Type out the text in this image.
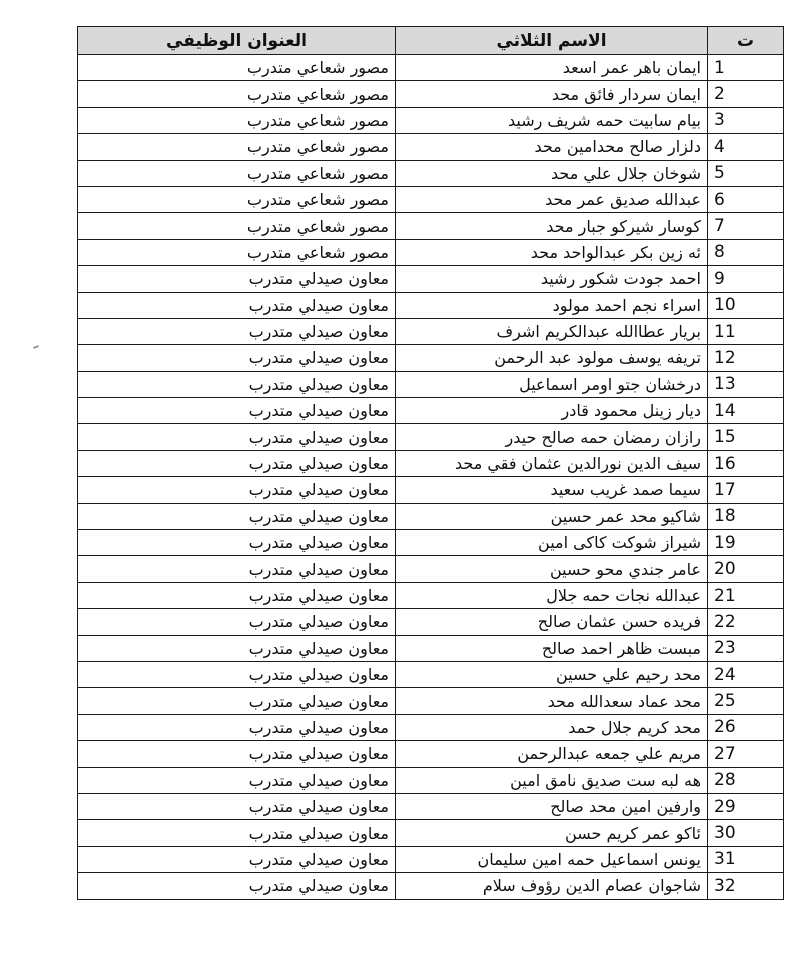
ت	الاسم الثلاثي	العنوان الوظيفي
1	ايمان باهر عمر اسعد	مصور شعاعي متدرب
2	ايمان سردار فائق محد	مصور شعاعي متدرب
3	بيام سابيت حمه شريف رشيد	مصور شعاعي متدرب
4	دلزار صالح محدامين محد	مصور شعاعي متدرب
5	شوخان جلال علي محد	مصور شعاعي متدرب
6	عبدالله صديق عمر محد	مصور شعاعي متدرب
7	كوسار شيركو جبار محد	مصور شعاعي متدرب
8	ئه زين بكر عبدالواحد محد	مصور شعاعي متدرب
9	احمد جودت شكور رشيد	معاون صيدلي متدرب
10	اسراء نجم احمد مولود	معاون صيدلي متدرب
11	بريار عطاالله عبدالكريم اشرف	معاون صيدلي متدرب
12	تريفه يوسف مولود عبد الرحمن	معاون صيدلي متدرب
13	درخشان جتو اومر اسماعيل	معاون صيدلي متدرب
14	ديار زينل محمود قادر	معاون صيدلي متدرب
15	رازان رمضان حمه صالح حيدر	معاون صيدلي متدرب
16	سيف الدين نورالدين عثمان فقي محد	معاون صيدلي متدرب
17	سيما صمد غريب سعيد	معاون صيدلي متدرب
18	شاكيو محد عمر حسين	معاون صيدلي متدرب
19	شيراز شوكت كاكى امين	معاون صيدلي متدرب
20	عامر جندي محو حسين	معاون صيدلي متدرب
21	عبدالله نجات حمه جلال	معاون صيدلي متدرب
22	فريده حسن عثمان صالح	معاون صيدلي متدرب
23	مبست ظاهر احمد صالح	معاون صيدلي متدرب
24	محد رحيم علي حسين	معاون صيدلي متدرب
25	محد عماد سعدالله محد	معاون صيدلي متدرب
26	محد كريم جلال حمد	معاون صيدلي متدرب
27	مريم علي جمعه عبدالرحمن	معاون صيدلي متدرب
28	هه لبه ست صديق نامق امين	معاون صيدلي متدرب
29	وارفين امين محد صالح	معاون صيدلي متدرب
30	ئاكو عمر كريم حسن	معاون صيدلي متدرب
31	يونس اسماعيل حمه امين سليمان	معاون صيدلي متدرب
32	شاجوان عصام الدين رؤوف سلام	معاون صيدلي متدرب
